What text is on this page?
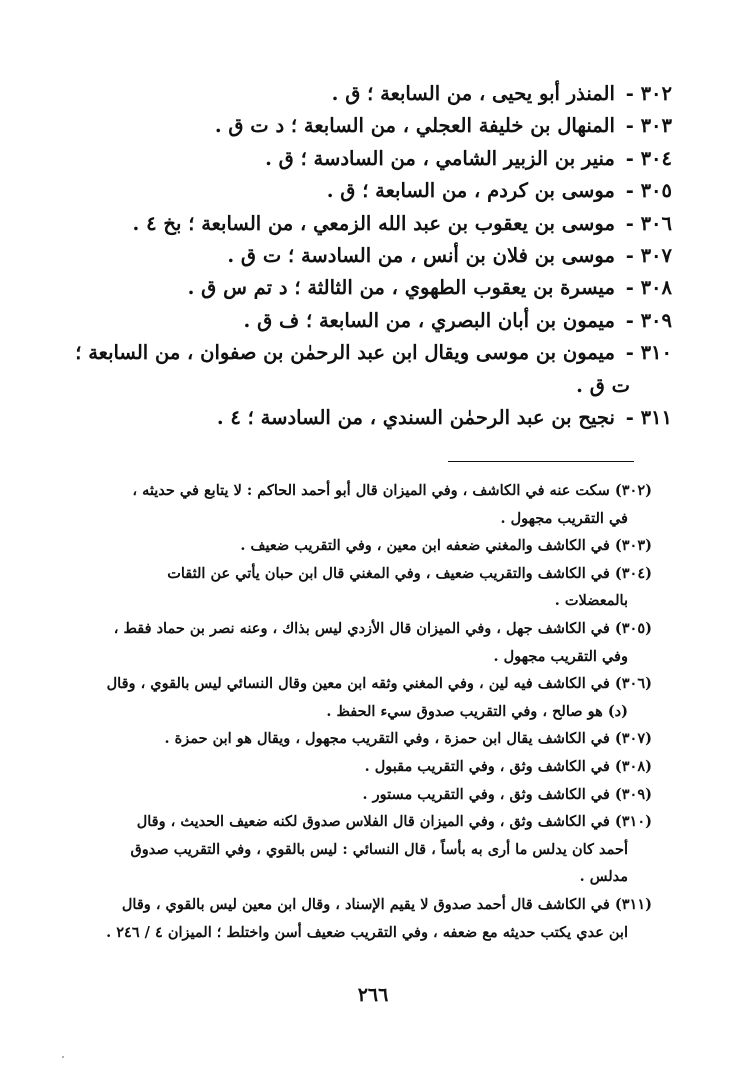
٣٠٢ - المنذر أبو يحيى ، من السابعة ؛ ق .
٣٠٣ - المنهال بن خليفة العجلي ، من السابعة ؛ د ت ق .
٣٠٤ - منير بن الزبير الشامي ، من السادسة ؛ ق .
٣٠٥ - موسى بن كردم ، من السابعة ؛ ق .
٣٠٦ - موسى بن يعقوب بن عبد الله الزمعي ، من السابعة ؛ بخ ٤ .
٣٠٧ - موسى بن فلان بن أنس ، من السادسة ؛ ت ق .
٣٠٨ - ميسرة بن يعقوب الطهوي ، من الثالثة ؛ د تم س ق .
٣٠٩ - ميمون بن أبان البصري ، من السابعة ؛ ف ق .
٣١٠ - ميمون بن موسى ويقال ابن عبد الرحمٰن بن صفوان ، من السابعة ؛
ت ق .
٣١١ - نجيح بن عبد الرحمٰن السندي ، من السادسة ؛ ٤ .

(٣٠٢) سكت عنه في الكاشف ، وفي الميزان قال أبو أحمد الحاكم : لا يتابع في حديثه ،
في التقريب مجهول .

(٣٠٣) في الكاشف والمغني ضعفه ابن معين ، وفي التقريب ضعيف .

(٣٠٤) في الكاشف والتقريب ضعيف ، وفي المغني قال ابن حبان يأتي عن الثقات
بالمعضلات .

(٣٠٥) في الكاشف جهل ، وفي الميزان قال الأزدي ليس بذاك ، وعنه نصر بن حماد فقط ،
وفي التقريب مجهول .

(٣٠٦) في الكاشف فيه لين ، وفي المغني وثقه ابن معين وقال النسائي ليس بالقوي ، وقال
(د) هو صالح ، وفي التقريب صدوق سيء الحفظ .

(٣٠٧) في الكاشف يقال ابن حمزة ، وفي التقريب مجهول ، ويقال هو ابن حمزة .

(٣٠٨) في الكاشف وثق ، وفي التقريب مقبول .

(٣٠٩) في الكاشف وثق ، وفي التقريب مستور .

(٣١٠) في الكاشف وثق ، وفي الميزان قال الفلاس صدوق لكنه ضعيف الحديث ، وقال
أحمد كان يدلس ما أرى به بأساً ، قال النسائي : ليس بالقوي ، وفي التقريب صدوق
مدلس .

(٣١١) في الكاشف قال أحمد صدوق لا يقيم الإسناد ، وقال ابن معين ليس بالقوي ، وقال
ابن عدي يكتب حديثه مع ضعفه ، وفي التقريب ضعيف أسن واختلط ؛ الميزان ٤ / ٢٤٦ .

٢٦٦
